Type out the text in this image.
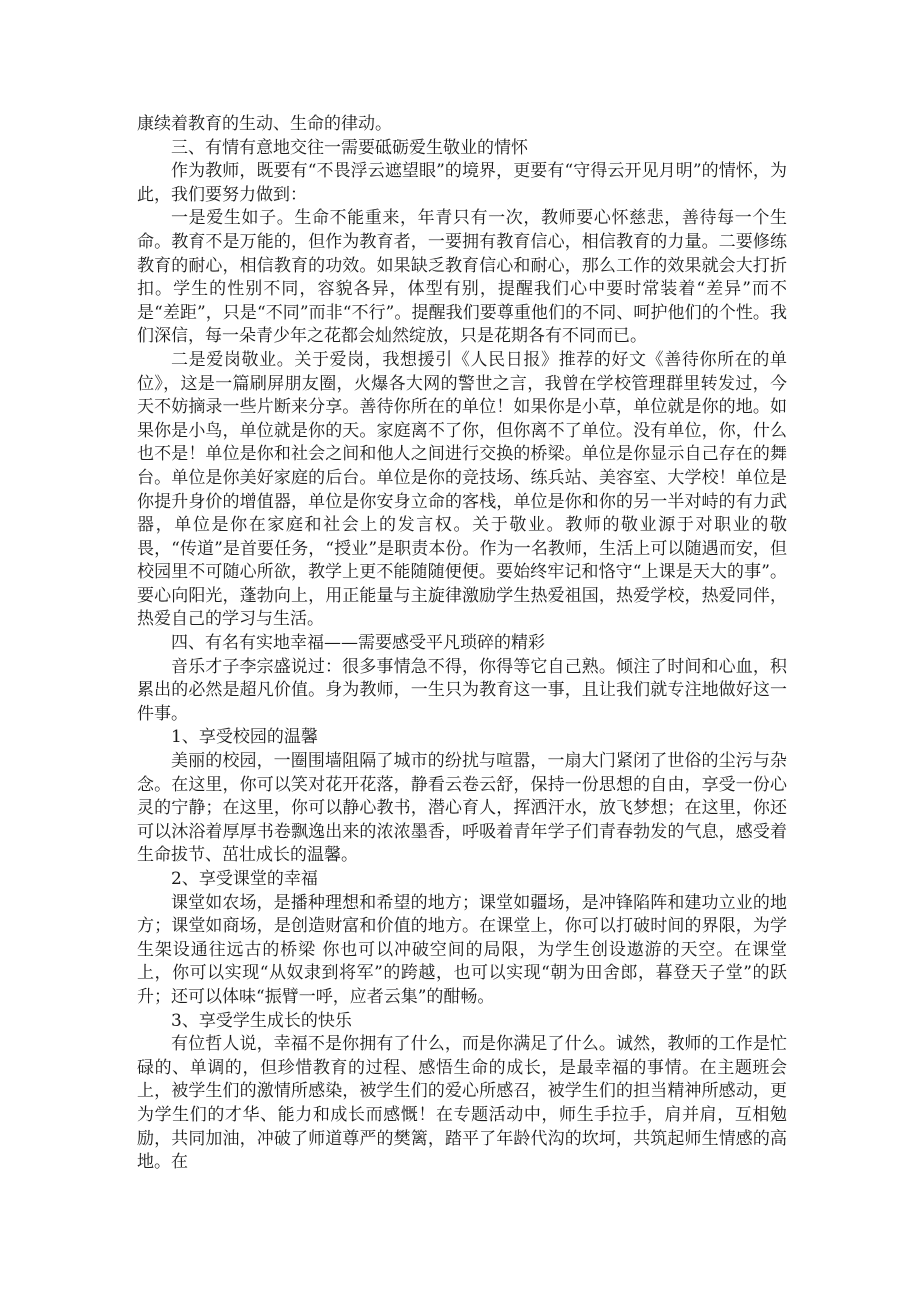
康续着教育的生动、生命的律动。

三、有情有意地交往一需要砥砺爱生敬业的情怀

作为教师，既要有“不畏浮云遮望眼”的境界，更要有“守得云开见月明”的情怀，为此，我们要努力做到：

一是爱生如子。生命不能重来，年青只有一次，教师要心怀慈悲，善待每一个生命。教育不是万能的，但作为教育者，一要拥有教育信心，相信教育的力量。二要修练教育的耐心，相信教育的功效。如果缺乏教育信心和耐心，那么工作的效果就会大打折扣。学生的性别不同，容貌各异，体型有别，提醒我们心中要时常装着“差异”而不是“差距”，只是“不同”而非“不行”。提醒我们要尊重他们的不同、呵护他们的个性。我们深信，每一朵青少年之花都会灿然绽放，只是花期各有不同而已。

二是爱岗敬业。关于爱岗，我想援引《人民日报》推荐的好文《善待你所在的单位》，这是一篇刷屏朋友圈，火爆各大网的警世之言，我曾在学校管理群里转发过，今天不妨摘录一些片断来分享。善待你所在的单位！如果你是小草，单位就是你的地。如果你是小鸟，单位就是你的天。家庭离不了你，但你离不了单位。没有单位，你，什么也不是！单位是你和社会之间和他人之间进行交换的桥梁。单位是你显示自己存在的舞台。单位是你美好家庭的后台。单位是你的竞技场、练兵站、美容室、大学校！单位是你提升身价的增值器，单位是你安身立命的客栈，单位是你和你的另一半对峙的有力武器，单位是你在家庭和社会上的发言权。关于敬业。教师的敬业源于对职业的敬畏，“传道”是首要任务，“授业”是职责本份。作为一名教师，生活上可以随遇而安，但校园里不可随心所欲，教学上更不能随随便便。要始终牢记和恪守“上课是天大的事”。要心向阳光，蓬勃向上，用正能量与主旋律激励学生热爱祖国，热爱学校，热爱同伴，热爱自己的学习与生活。

四、有名有实地幸福——需要感受平凡琐碎的精彩

音乐才子李宗盛说过：很多事情急不得，你得等它自己熟。倾注了时间和心血，积累出的必然是超凡价值。身为教师，一生只为教育这一事，且让我们就专注地做好这一件事。

1、享受校园的温馨

美丽的校园，一圈围墙阻隔了城市的纷扰与喧嚣，一扇大门紧闭了世俗的尘污与杂念。在这里，你可以笑对花开花落，静看云卷云舒，保持一份思想的自由，享受一份心灵的宁静；在这里，你可以静心教书，潜心育人，挥洒汗水，放飞梦想；在这里，你还可以沐浴着厚厚书卷飘逸出来的浓浓墨香，呼吸着青年学子们青春勃发的气息，感受着生命拔节、茁壮成长的温馨。

2、享受课堂的幸福

课堂如农场，是播种理想和希望的地方；课堂如疆场，是冲锋陷阵和建功立业的地方；课堂如商场，是创造财富和价值的地方。在课堂上，你可以打破时间的界限，为学生架设通往远古的桥梁 你也可以冲破空间的局限，为学生创设遨游的天空。在课堂上，你可以实现“从奴隶到将军”的跨越，也可以实现“朝为田舍郎，暮登天子堂”的跃升；还可以体味“振臂一呼，应者云集”的酣畅。

3、享受学生成长的快乐

有位哲人说，幸福不是你拥有了什么，而是你满足了什么。诚然，教师的工作是忙碌的、单调的，但珍惜教育的过程、感悟生命的成长，是最幸福的事情。在主题班会上，被学生们的激情所感染，被学生们的爱心所感召，被学生们的担当精神所感动，更为学生们的才华、能力和成长而感慨！在专题活动中，师生手拉手，肩并肩，互相勉励，共同加油，冲破了师道尊严的樊篱，踏平了年龄代沟的坎坷，共筑起师生情感的高地。在
